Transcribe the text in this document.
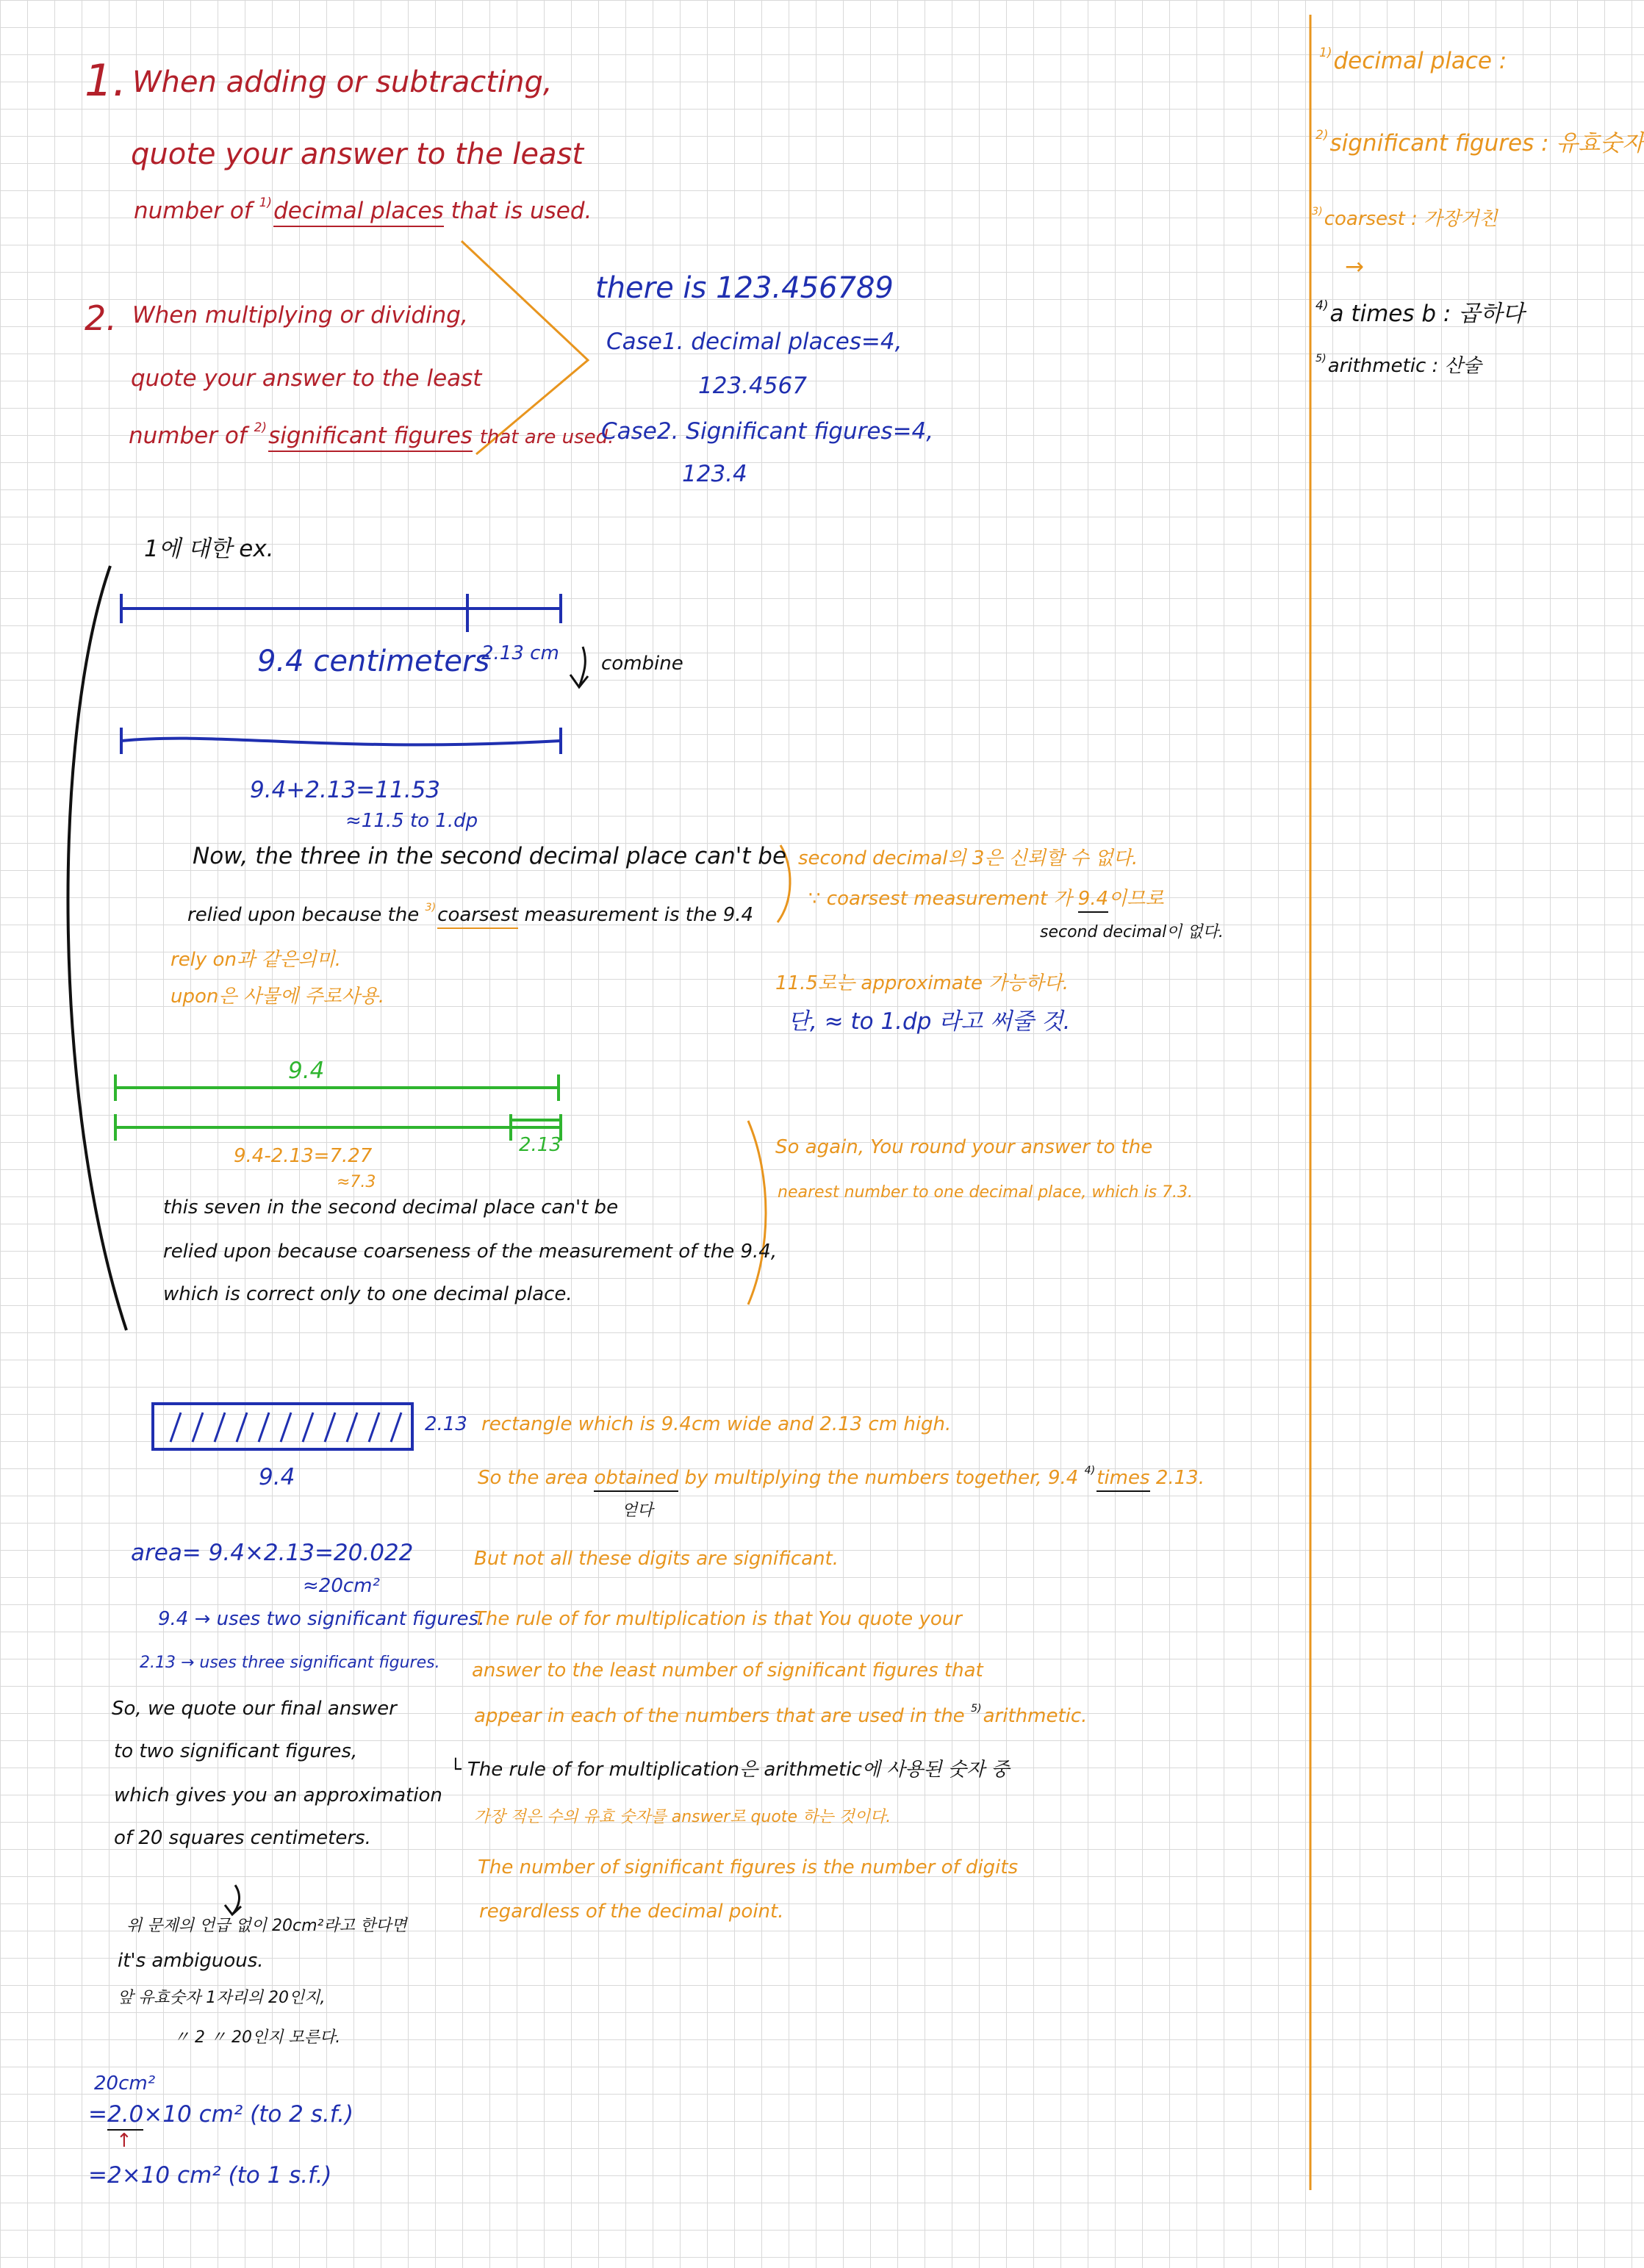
1. When adding or subtracting,
quote your answer to the least
number of $^{1)}$decimal places that is used.
2. When multiplying or dividing,
quote your answer to the least
number of $^{2)}$significant figures that are used.
there is 123.456789
Case1. decimal places=4,
123.4567
Case2. Significant figures=4,
123.4
$^{1)}$decimal place :
$^{2)}$significant figures : 유효숫자
$^{3)}$coarsest : 가장거친
→
$^{4)}$a times b : 곱하다
$^{5)}$arithmetic : 산술
1에 대한 ex.
9.4 centimeters
2.13 cm combine
9.4+2.13=11.53
≈11.5 to 1.dp
Now, the three in the second decimal place can't be
relied upon because the $^{3)}$coarsest measurement is the 9.4
rely on과 같은의미.
upon은 사물에 주로사용.
second decimal의 3은 신뢰할 수 없다.
∵ coarsest measurement 가 9.4이므로
second decimal이 없다.
11.5로는 approximate 가능하다.
단, ≈ to 1.dp 라고 써줄 것.
9.4
2.13
9.4-2.13=7.27
≈7.3
this seven in the second decimal place can't be
relied upon because coarseness of the measurement of the 9.4,
which is correct only to one decimal place.
So again, You round your answer to the
nearest number to one decimal place, which is 7.3.
2.13
9.4
area= 9.4×2.13=20.022
≈20cm²
9.4 → uses two significant figures.
2.13 → uses three significant figures.
So, we quote our final answer
to two significant figures,
which gives you an approximation
of 20 squares centimeters.
위 문제의 언급 없이 20cm²라고 한다면
it's ambiguous.
앞 유효숫자 1자리의 20인지,
〃 2 〃 20인지 모른다.
20cm²
=2.0×10 cm² (to 2 s.f.)
↑
=2×10 cm² (to 1 s.f.)
rectangle which is 9.4cm wide and 2.13 cm high.
So the area obtained by multiplying the numbers together, 9.4 $^{4)}$times 2.13.
얻다
But not all these digits are significant.
The rule of for multiplication is that You quote your
answer to the least number of significant figures that
appear in each of the numbers that are used in the $^{5)}$arithmetic.
└ The rule of for multiplication은 arithmetic에 사용된 숫자 중
가장 적은 수의 유효 숫자를 answer로 quote 하는 것이다.
The number of significant figures is the number of digits
regardless of the decimal point.
